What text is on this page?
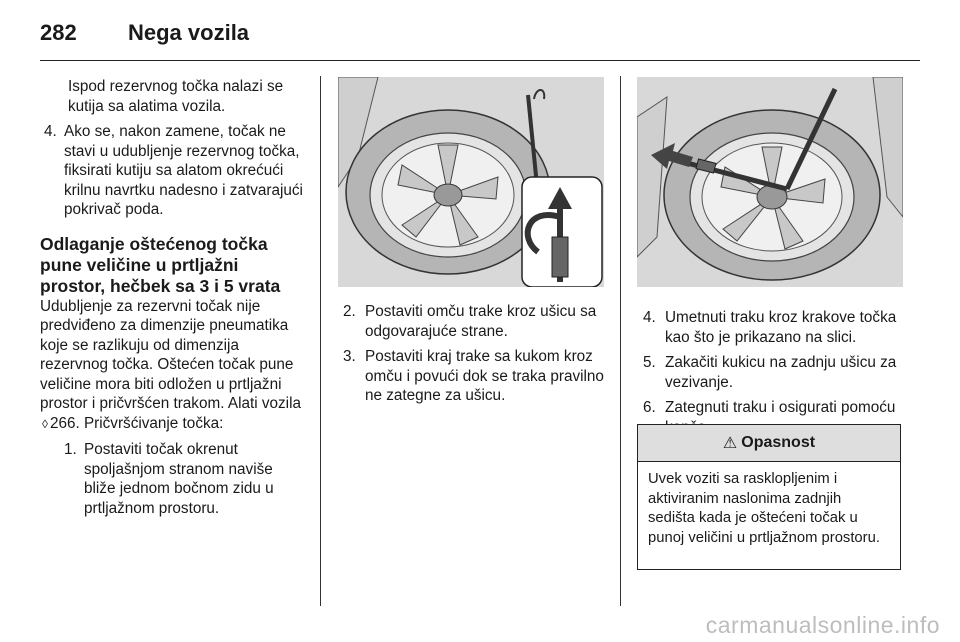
282 Nega vozila

Ispod rezervnog točka nalazi se kutija sa alatima vozila.

4. Ako se, nakon zamene, točak ne stavi u udubljenje rezervnog točka, fiksirati kutiju sa alatom okrećući krilnu navrtku nadesno i zatvarajući pokrivač poda.
Odlaganje oštećenog točka pune veličine u prtljažni prostor, hečbek sa 3 i 5 vrata

Udubljenje za rezervni točak nije predviđeno za dimenzije pneumatika koje se razlikuju od dimenzija rezervnog točka. Oštećen točak pune veličine mora biti odložen u prtljažni prostor i pričvršćen trakom. Alati vozila ◊ 266. Pričvršćivanje točka:

1. Postaviti točak okrenut spoljašnjom stranom naviše bliže jednom bočnom zidu u prtljažnom prostoru.
2. Postaviti omču trake kroz ušicu sa odgovarajuće strane.
3. Postaviti kraj trake sa kukom kroz omču i povući dok se traka pravilno ne zategne za ušicu.
4. Umetnuti traku kroz krakove točka kao što je prikazano na slici.
5. Zakačiti kukicu na zadnju ušicu za vezivanje.
6. Zategnuti traku i osigurati pomoću
⚠ Opasnost
Uvek voziti sa rasklopljenim i aktiviranim naslonima zadnjih sedišta kada je oštećeni točak u punoj veličini u prtljažnom prostoru.
carmanualsonline.info
